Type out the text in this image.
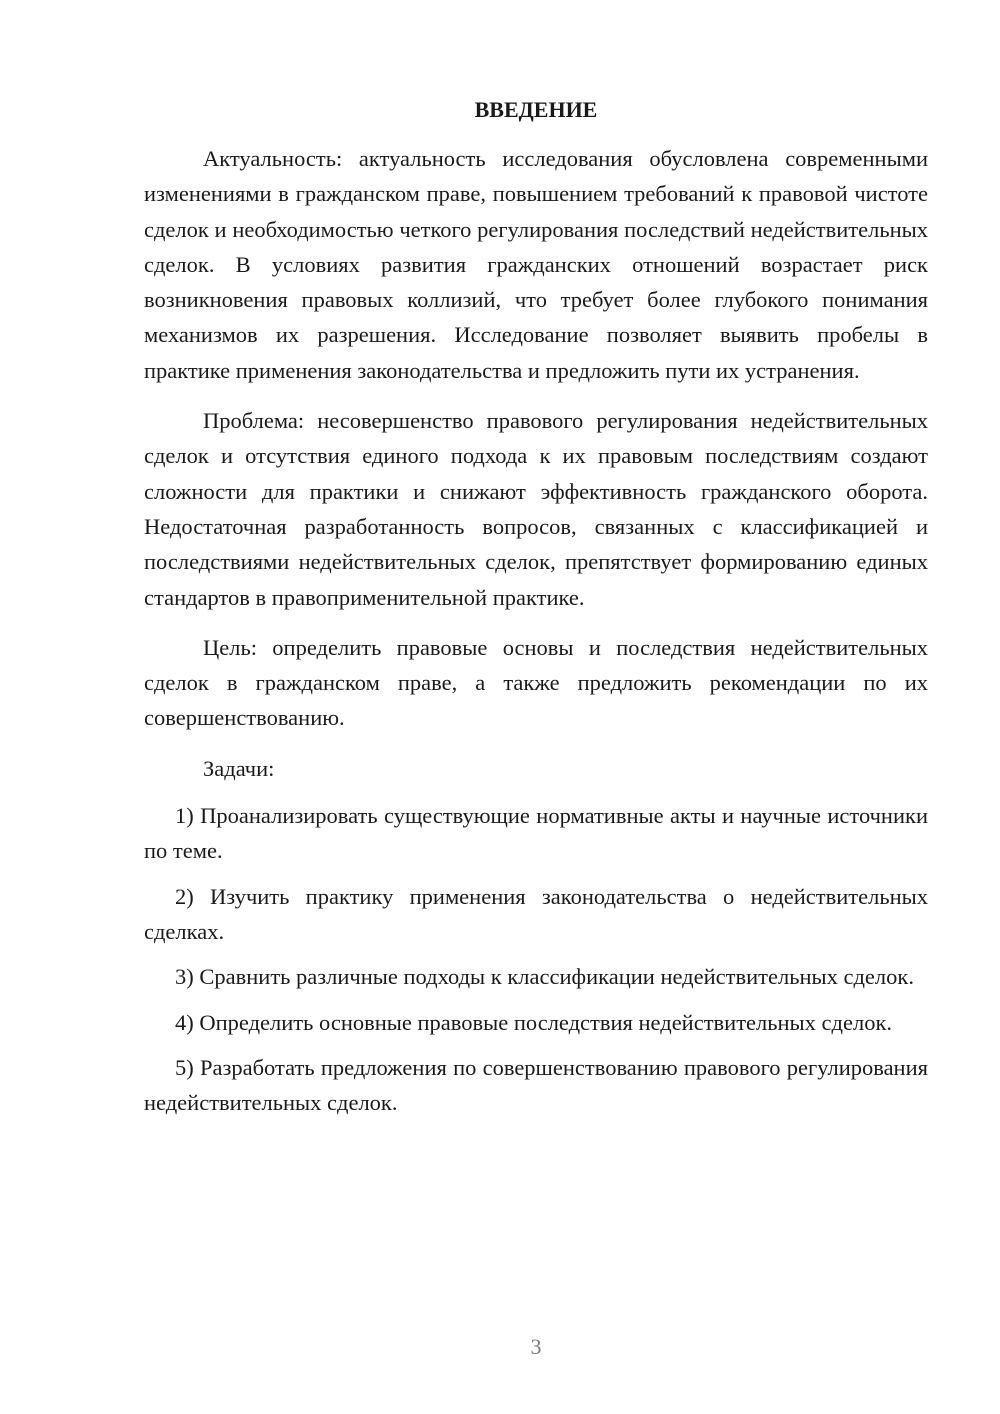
ВВЕДЕНИЕ

Актуальность: актуальность исследования обусловлена современными изменениями в гражданском праве, повышением требований к правовой чистоте сделок и необходимостью четкого регулирования последствий недействительных сделок. В условиях развития гражданских отношений возрастает риск возникновения правовых коллизий, что требует более глубокого понимания механизмов их разрешения. Исследование позволяет выявить пробелы в практике применения законодательства и предложить пути их устранения.

Проблема: несовершенство правового регулирования недействительных сделок и отсутствия единого подхода к их правовым последствиям создают сложности для практики и снижают эффективность гражданского оборота. Недостаточная разработанность вопросов, связанных с классификацией и последствиями недействительных сделок, препятствует формированию единых стандартов в правоприменительной практике.

Цель: определить правовые основы и последствия недействительных сделок в гражданском праве, а также предложить рекомендации по их совершенствованию.

Задачи:

1) Проанализировать существующие нормативные акты и научные источники по теме.

2) Изучить практику применения законодательства о недействительных сделках.

3) Сравнить различные подходы к классификации недействительных сделок.

4) Определить основные правовые последствия недействительных сделок.

5) Разработать предложения по совершенствованию правового регулирования недействительных сделок.

3
